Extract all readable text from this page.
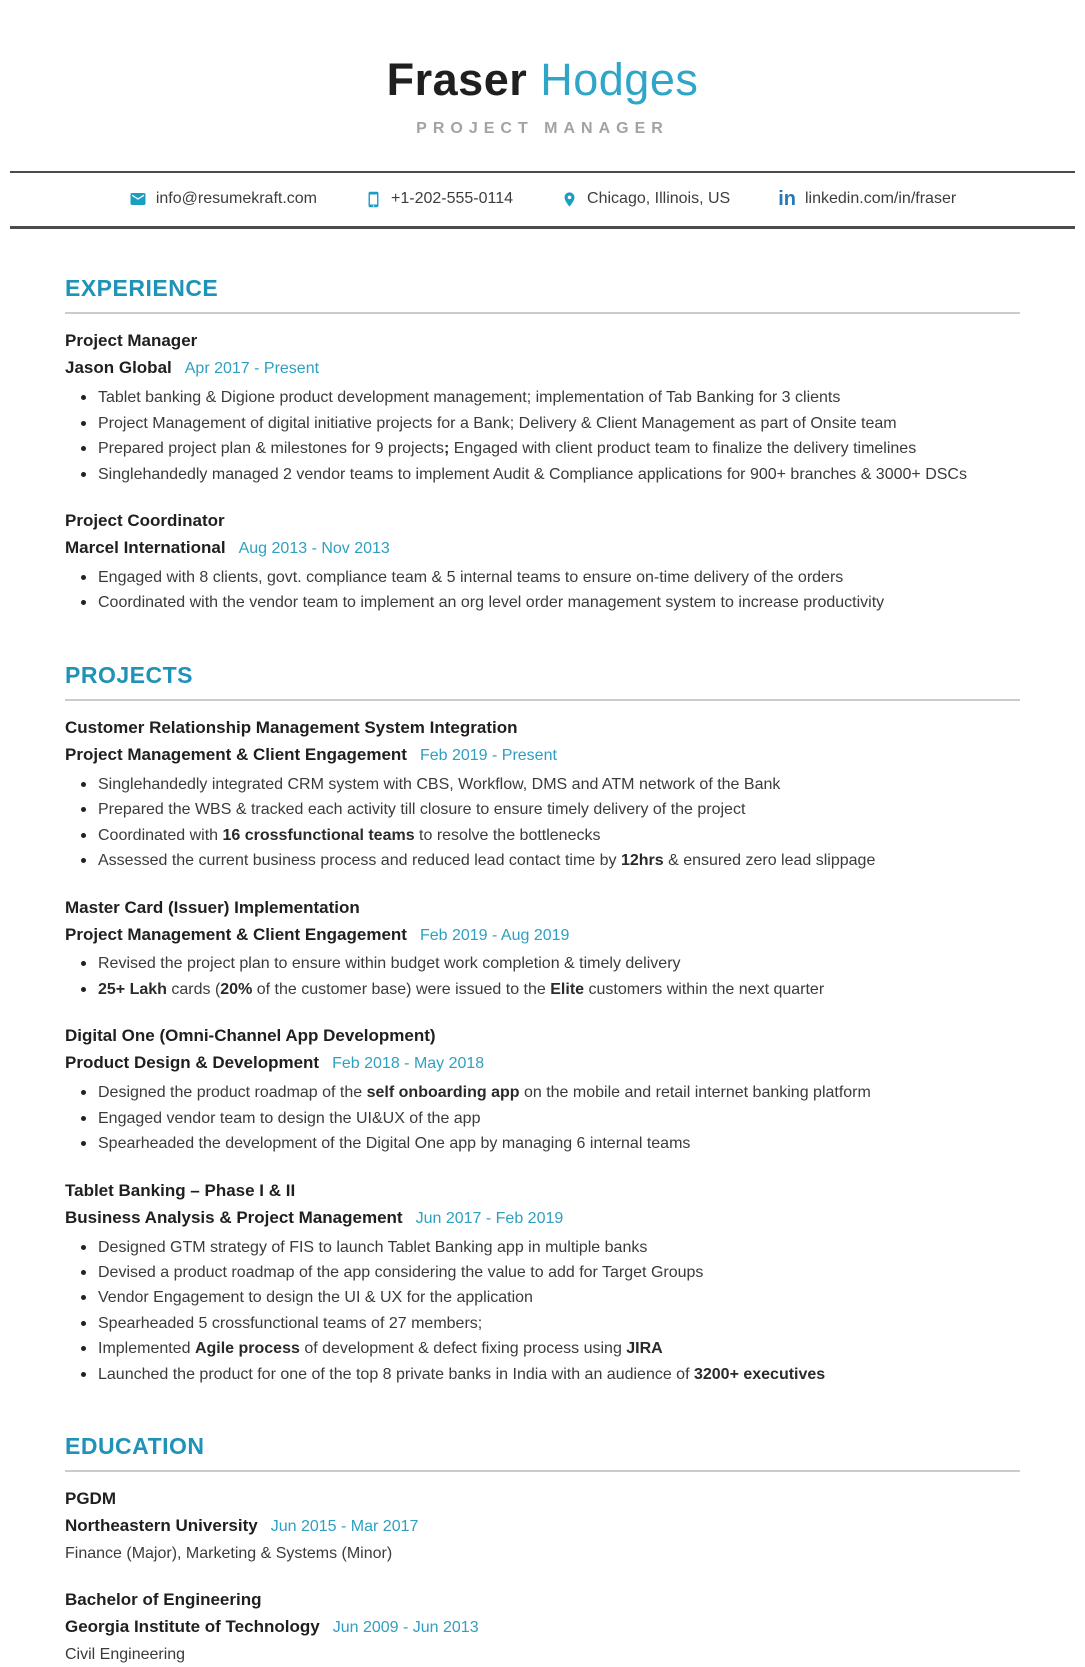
Fraser Hodges
PROJECT MANAGER
info@resumekraft.com	+1-202-555-0114	Chicago, Illinois, US in linkedin.com/in/fraser
EXPERIENCE
Project Manager
Jason Global Apr 2017 - Present
Tablet banking & Digione product development management; implementation of Tab Banking for 3 clients
Project Management of digital initiative projects for a Bank; Delivery & Client Management as part of Onsite team
Prepared project plan & milestones for 9 projects; Engaged with client product team to finalize the delivery timelines
Singlehandedly managed 2 vendor teams to implement Audit & Compliance applications for 900+ branches & 3000+ DSCs
Project Coordinator
Marcel International Aug 2013 - Nov 2013
Engaged with 8 clients, govt. compliance team & 5 internal teams to ensure on-time delivery of the orders
Coordinated with the vendor team to implement an org level order management system to increase productivity
PROJECTS
Customer Relationship Management System Integration
Project Management & Client Engagement Feb 2019 - Present
Singlehandedly integrated CRM system with CBS, Workflow, DMS and ATM network of the Bank
Prepared the WBS & tracked each activity till closure to ensure timely delivery of the project
Coordinated with 16 crossfunctional teams to resolve the bottlenecks
Assessed the current business process and reduced lead contact time by 12hrs & ensured zero lead slippage
Master Card (Issuer) Implementation
Project Management & Client Engagement Feb 2019 - Aug 2019
Revised the project plan to ensure within budget work completion & timely delivery
25+ Lakh cards (20% of the customer base) were issued to the Elite customers within the next quarter
Digital One (Omni-Channel App Development)
Product Design & Development Feb 2018 - May 2018
Designed the product roadmap of the self onboarding app on the mobile and retail internet banking platform
Engaged vendor team to design the UI&UX of the app
Spearheaded the development of the Digital One app by managing 6 internal teams
Tablet Banking – Phase I & II
Business Analysis & Project Management Jun 2017 - Feb 2019
Designed GTM strategy of FIS to launch Tablet Banking app in multiple banks
Devised a product roadmap of the app considering the value to add for Target Groups
Vendor Engagement to design the UI & UX for the application
Spearheaded 5 crossfunctional teams of 27 members;
Implemented Agile process of development & defect fixing process using JIRA
Launched the product for one of the top 8 private banks in India with an audience of 3200+ executives
EDUCATION
PGDM
Northeastern University Jun 2015 - Mar 2017
Finance (Major), Marketing & Systems (Minor)
Bachelor of Engineering
Georgia Institute of Technology Jun 2009 - Jun 2013
Civil Engineering
